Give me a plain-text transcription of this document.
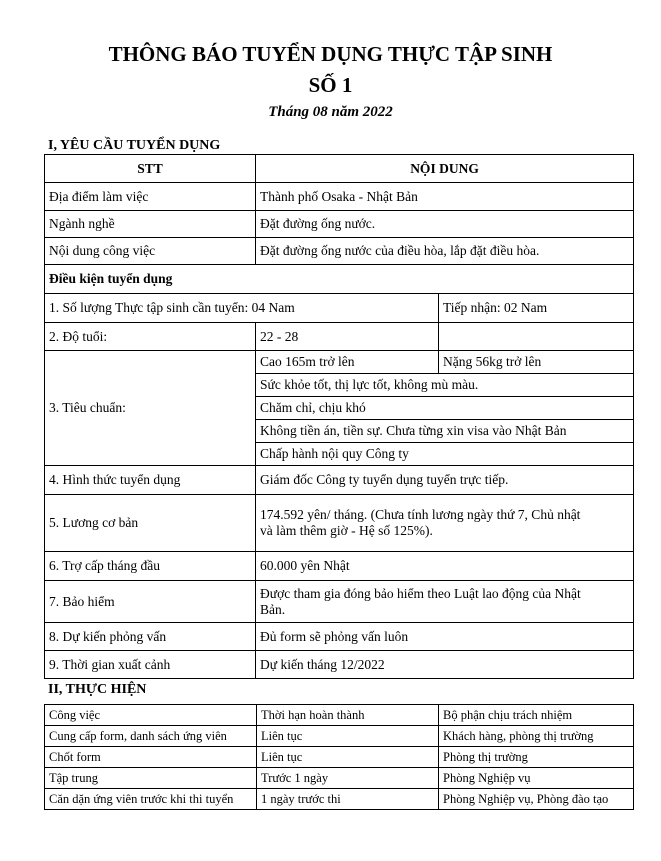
THÔNG BÁO TUYỂN DỤNG THỰC TẬP SINH
SỐ 1
Tháng 08 năm 2022
I, YÊU CẦU TUYỂN DỤNG
STT	NỘI DUNG	
Địa điểm làm việc	Thành phố Osaka - Nhật Bản	
Ngành nghề	Đặt đường ống nước.	
Nội dung công việc	Đặt đường ống nước của điều hòa, lắp đặt điều hòa.	
Điều kiện tuyển dụng		
1. Số lượng Thực tập sinh cần tuyển: 04 Nam		Tiếp nhận: 02 Nam
2. Độ tuổi:	22 - 28	
3. Tiêu chuẩn:	Cao 165m trở lên	Nặng 56kg trở lên
	Sức khỏe tốt, thị lực tốt, không mù màu.	
	Chăm chỉ, chịu khó	
	Không tiền án, tiền sự. Chưa từng xin visa vào Nhật Bản	
	Chấp hành nội quy Công ty	
4. Hình thức tuyển dụng	Giám đốc Công ty tuyển dụng tuyển trực tiếp.	
5. Lương cơ bản	174.592 yên/ tháng. (Chưa tính lương ngày thứ 7, Chủ nhật
và làm thêm giờ - Hệ số 125%).	

6. Trợ cấp tháng đầu	60.000 yên Nhật	
7. Bảo hiểm	Được tham gia đóng bảo hiểm theo Luật lao động của Nhật
Bản.	

8. Dự kiến phỏng vấn	Đủ form sẽ phỏng vấn luôn	
9. Thời gian xuất cảnh	Dự kiến tháng 12/2022	
II, THỰC HIỆN
Công việc	Thời hạn hoàn thành	Bộ phận chịu trách nhiệm
Cung cấp form, danh sách ứng viên	Liên tục	Khách hàng, phòng thị trường
Chốt form	Liên tục	Phòng thị trường
Tập trung	Trước 1 ngày	Phòng Nghiệp vụ
Căn dặn ứng viên trước khi thi tuyển	1 ngày trước thi	Phòng Nghiệp vụ, Phòng đào tạo
